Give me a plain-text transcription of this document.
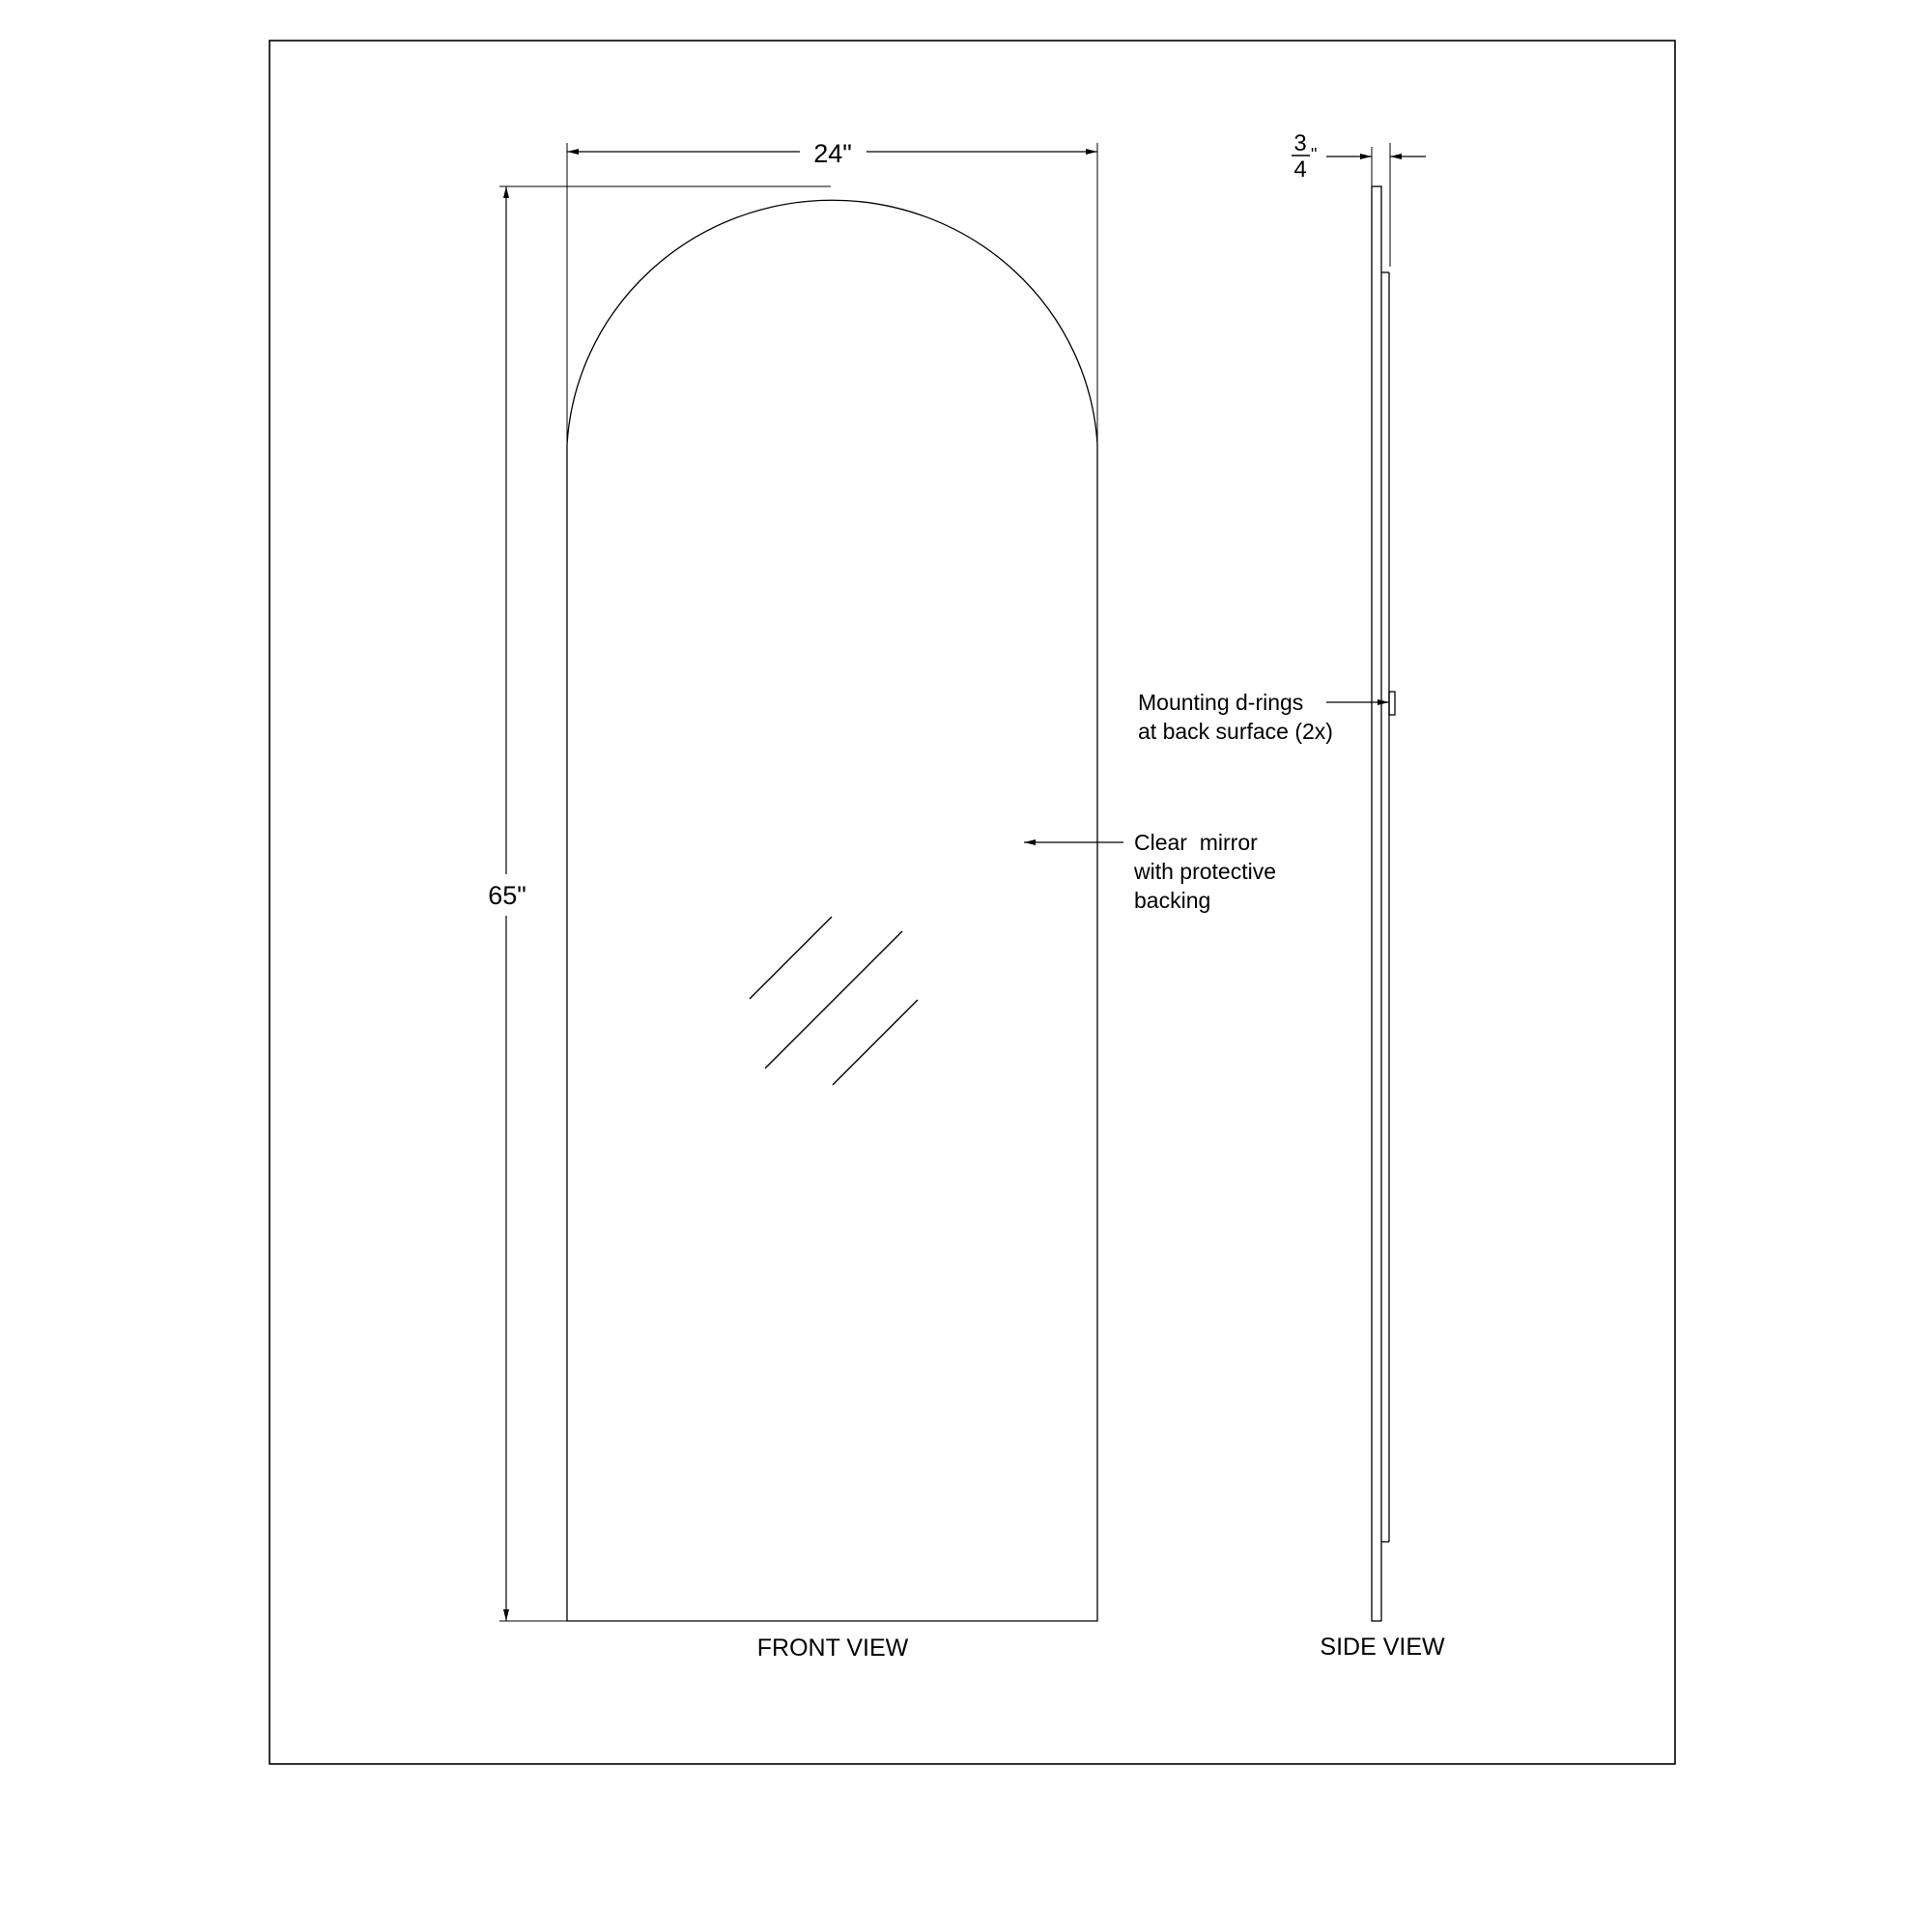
24"
65"
Clear  mirror with protective backing
FRONT VIEW
3
4
"
Mounting d-rings at back surface (2x)
SIDE VIEW
